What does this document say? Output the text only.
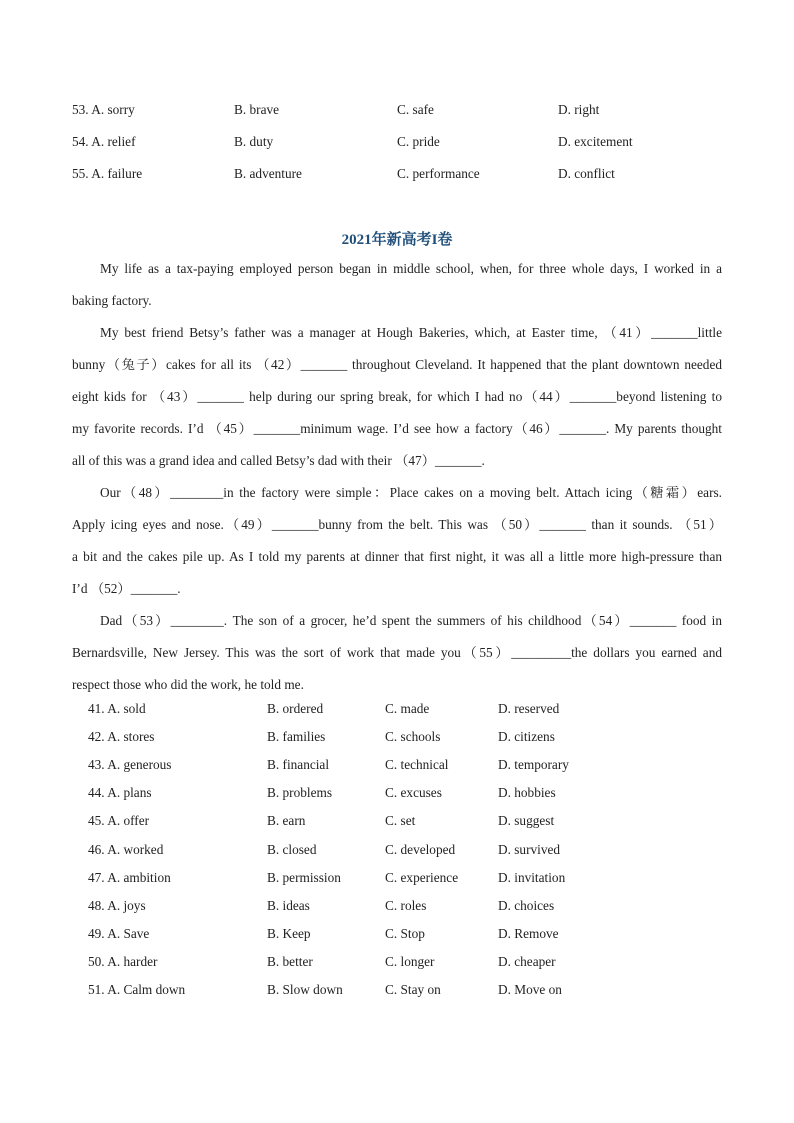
53. A. sorry	B. brave	C. safe	D. right
54. A. relief	B. duty	C. pride	D. excitement
55. A. failure	B. adventure	C. performance	D. conflict
2021年新高考I卷
My life as a tax-paying employed person began in middle school, when, for three whole days, I worked in a
baking factory.
My best friend Betsy’s father was a manager at Hough Bakeries, which, at Easter time, （41）_______little
bunny（兔子）cakes for all its （42）_______ throughout Cleveland. It happened that the plant downtown needed
eight kids for （43）_______ help during our spring break, for which I had no（44）_______beyond listening to
my favorite records. I’d （45）_______minimum wage. I’d see how a factory（46）_______. My parents thought
all of this was a grand idea and called Betsy’s dad with their （47）_______.
Our（48）________in the factory were simple：Place cakes on a moving belt. Attach icing（糖霜）ears.
Apply icing eyes and nose.（49）_______bunny from the belt. This was （50）_______ than it sounds. （51）
a bit and the cakes pile up. As I told my parents at dinner that first night, it was all a little more high-pressure than
I’d （52）_______.
Dad（53）________. The son of a grocer, he’d spent the summers of his childhood（54）_______ food in
Bernardsville, New Jersey. This was the sort of work that made you（55）_________the dollars you earned and
respect those who did the work, he told me.
41. A. sold	B. ordered	C. made	D. reserved
42. A. stores	B. families	C. schools	D. citizens
43. A. generous	B. financial	C. technical	D. temporary
44. A. plans	B. problems	C. excuses	D. hobbies
45. A. offer	B. earn	C. set	D. suggest
46. A. worked	B. closed	C. developed	D. survived
47. A. ambition	B. permission	C. experience	D. invitation
48. A. joys	B. ideas	C. roles	D. choices
49. A. Save	B. Keep	C. Stop	D. Remove
50. A. harder	B. better	C. longer	D. cheaper
51. A. Calm down	B. Slow down	C. Stay on	D. Move on
